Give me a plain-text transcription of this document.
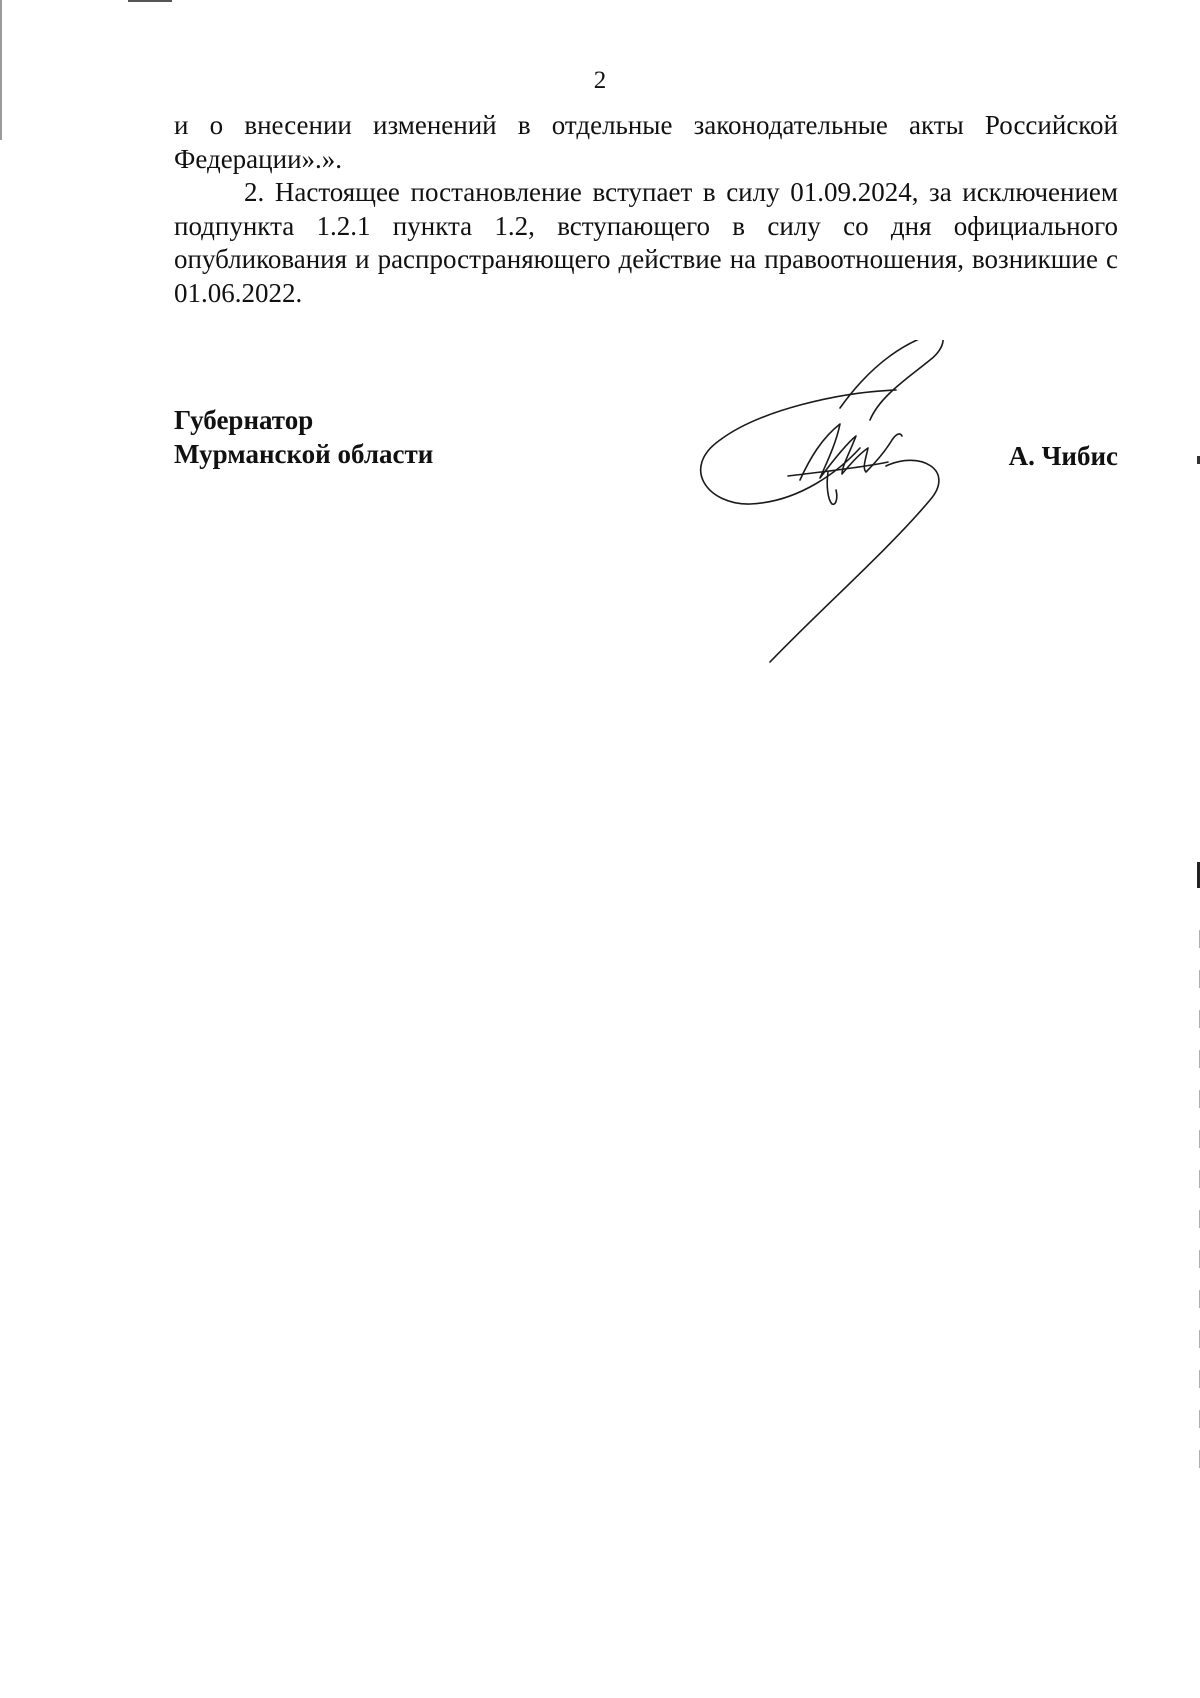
2

и о внесении изменений в отдельные законодательные акты Российской Федерации».».

2. Настоящее постановление вступает в силу 01.09.2024, за исключением подпункта 1.2.1 пункта 1.2, вступающего в силу со дня официального опубликования и распространяющего действие на правоотношения, возникшие с 01.06.2022.

Губернатор
Мурманской области	А. Чибис
